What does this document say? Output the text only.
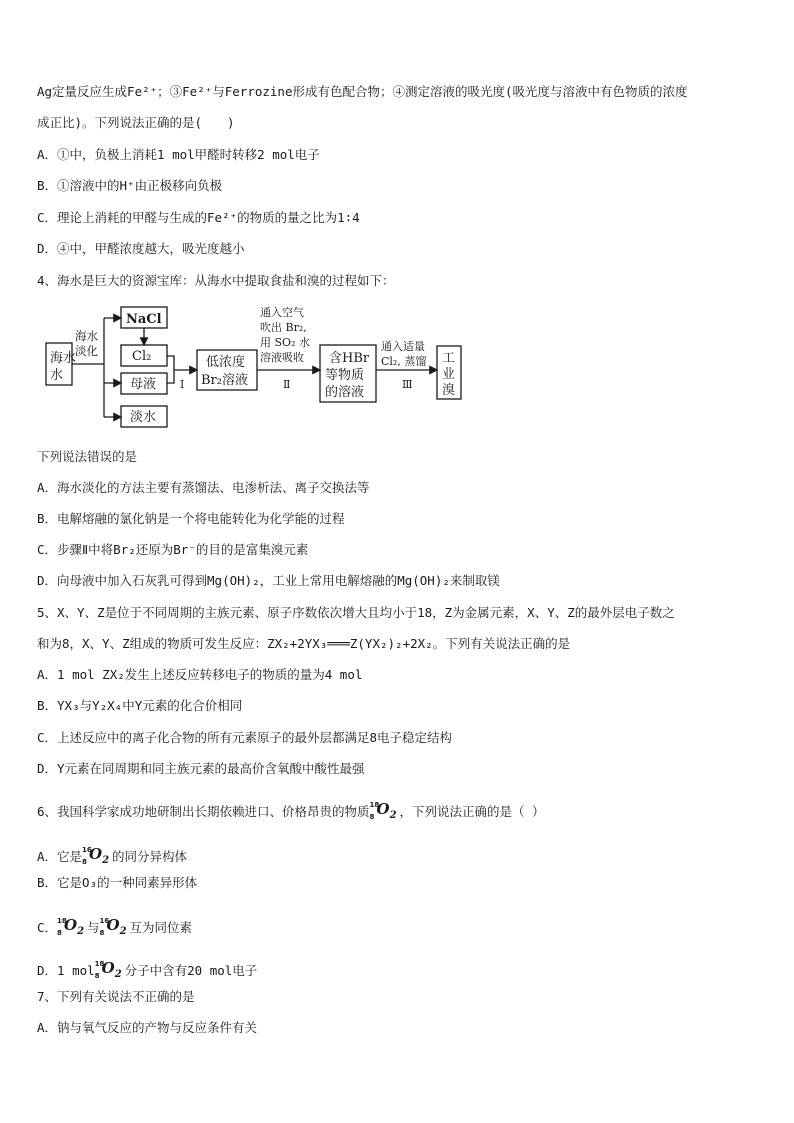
Ag定量反应生成Fe²⁺；③Fe²⁺与Ferrozine形成有色配合物；④测定溶液的吸光度(吸光度与溶液中有色物质的浓度
成正比)。下列说法正确的是(　　)
A．①中，负极上消耗1 mol甲醛时转移2 mol电子
B．①溶液中的H⁺由正极移向负极
C．理论上消耗的甲醛与生成的Fe²⁺的物质的量之比为1∶4
D．④中，甲醛浓度越大，吸光度越小
4、海水是巨大的资源宝库：从海水中提取食盐和溴的过程如下：
海水
水
海水
淡化
NaCl
Cl₂
母液
淡水
Ⅰ
低浓度
Br₂溶液
通入空气
吹出 Br₂,
用 SO₂ 水
溶液吸收
Ⅱ
含HBr
等物质
的溶液
通入适量
Cl₂, 蒸馏
Ⅲ
工
业
溴
下列说法错误的是
A．海水淡化的方法主要有蒸馏法、电渗析法、离子交换法等
B．电解熔融的氯化钠是一个将电能转化为化学能的过程
C．步骤Ⅱ中将Br₂还原为Br⁻的目的是富集溴元素
D．向母液中加入石灰乳可得到Mg(OH)₂，工业上常用电解熔融的Mg(OH)₂来制取镁
5、X、Y、Z是位于不同周期的主族元素、原子序数依次增大且均小于18，Z为金属元素，X、Y、Z的最外层电子数之
和为8，X、Y、Z组成的物质可发生反应：ZX₂+2YX₃═══Z(YX₂)₂+2X₂。下列有关说法正确的是
A．1 mol ZX₂发生上述反应转移电子的物质的量为4 mol
B．YX₃与Y₂X₄中Y元素的化合价相同
C．上述反应中的离子化合物的所有元素原子的最外层都满足8电子稳定结构
D．Y元素在同周期和同主族元素的最高价含氧酸中酸性最强
6、我国科学家成功地研制出长期依赖进口、价格昂贵的物质 18
8 $O_2$ ，下列说法正确的是（ ）
A．它是 16
8 $O_2$ 的同分异构体
B．它是O₃的一种同素异形体
C． 18
8 $O_2$ 与 16
8 $O_2$ 互为同位素
D．1 mol 18
8 $O_2$ 分子中含有20 mol电子
7、下列有关说法不正确的是
A．钠与氧气反应的产物与反应条件有关
